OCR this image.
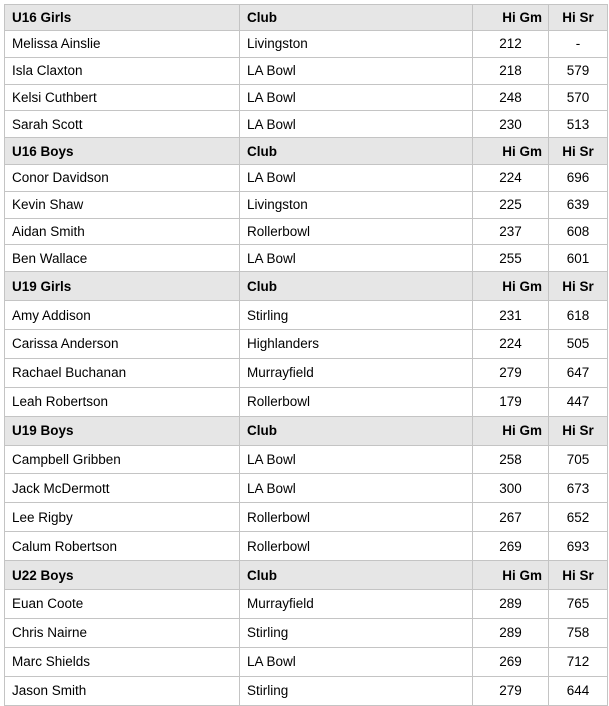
U16 Girls	Club	Hi Gm	Hi Sr
Melissa Ainslie	Livingston	212	-
Isla Claxton	LA Bowl	218	579
Kelsi Cuthbert	LA Bowl	248	570
Sarah Scott	LA Bowl	230	513
U16 Boys	Club	Hi Gm	Hi Sr
Conor Davidson	LA Bowl	224	696
Kevin Shaw	Livingston	225	639
Aidan Smith	Rollerbowl	237	608
Ben Wallace	LA Bowl	255	601
U19 Girls	Club	Hi Gm	Hi Sr
Amy Addison	Stirling	231	618
Carissa Anderson	Highlanders	224	505
Rachael Buchanan	Murrayfield	279	647
Leah Robertson	Rollerbowl	179	447
U19 Boys	Club	Hi Gm	Hi Sr
Campbell Gribben	LA Bowl	258	705
Jack McDermott	LA Bowl	300	673
Lee Rigby	Rollerbowl	267	652
Calum Robertson	Rollerbowl	269	693
U22 Boys	Club	Hi Gm	Hi Sr
Euan Coote	Murrayfield	289	765
Chris Nairne	Stirling	289	758
Marc Shields	LA Bowl	269	712
Jason Smith	Stirling	279	644
